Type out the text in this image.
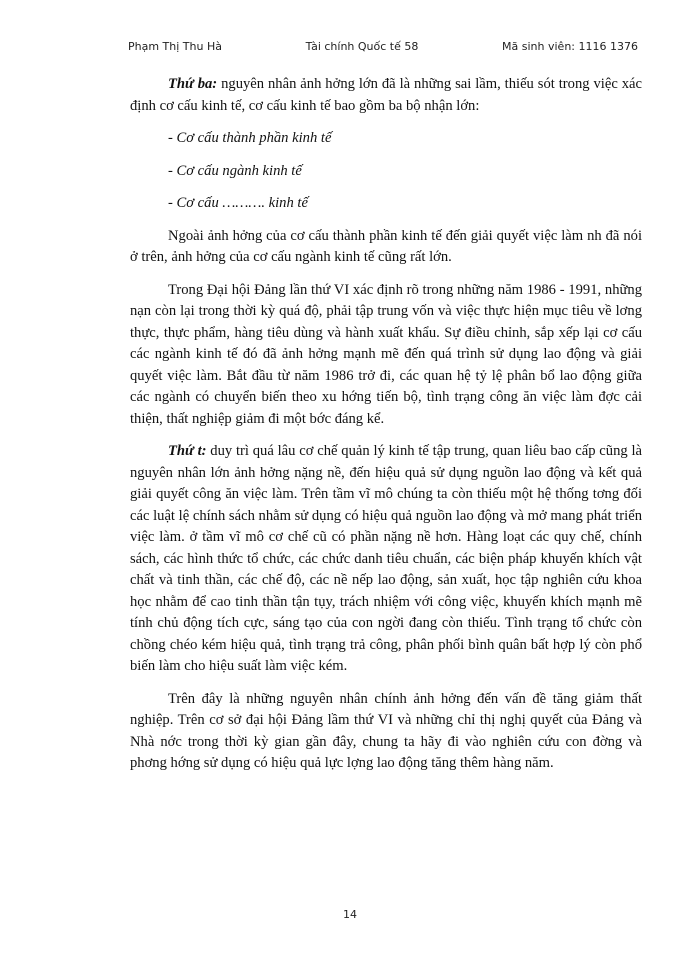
Phạm Thị Thu Hà	Tài chính Quốc tế 58	Mã sinh viên: 1116 1376

Thứ ba: nguyên nhân ảnh hởng lớn đã là những sai lầm, thiếu sót trong việc xác định cơ cấu kinh tế, cơ cấu kinh tế bao gồm ba bộ nhận lớn:

- Cơ cấu thành phần kinh tế

- Cơ cấu ngành kinh tế

- Cơ cấu ………. kinh tế

Ngoài ảnh hởng của cơ cấu thành phần kinh tế đến giải quyết việc làm nh đã nói ở trên, ảnh hởng của cơ cấu ngành kinh tế cũng rất lớn.

Trong Đại hội Đảng lần thứ VI xác định rõ trong những năm 1986 - 1991, những nạn còn lại trong thời kỳ quá độ, phải tập trung vốn và việc thực hiện mục tiêu về lơng thực, thực phẩm, hàng tiêu dùng và hành xuất khẩu. Sự điều chỉnh, sắp xếp lại cơ cấu các ngành kinh tế đó đã ảnh hởng mạnh mẽ đến quá trình sử dụng lao động và giải quyết việc làm. Bắt đầu từ năm 1986 trở đi, các quan hệ tỷ lệ phân bổ lao động giữa các ngành có chuyển biến theo xu hớng tiến bộ, tình trạng công ăn việc làm đợc cải thiện, thất nghiệp giảm đi một bớc đáng kể.

Thứ t: duy trì quá lâu cơ chế quản lý kinh tế tập trung, quan liêu bao cấp cũng là nguyên nhân lớn ảnh hởng nặng nề, đến hiệu quả sử dụng nguồn lao động và kết quả giải quyết công ăn việc làm. Trên tầm vĩ mô chúng ta còn thiếu một hệ thống tơng đối các luật lệ chính sách nhằm sử dụng có hiệu quả nguồn lao động và mở mang phát triển việc làm. ở tầm vĩ mô cơ chế cũ có phần nặng nề hơn. Hàng loạt các quy chế, chính sách, các hình thức tổ chức, các chức danh tiêu chuẩn, các biện pháp khuyến khích vật chất và tinh thần, các chế độ, các nề nếp lao động, sản xuất, học tập nghiên cứu khoa học nhằm để cao tinh thần tận tụy, trách nhiệm với công việc, khuyến khích mạnh mẽ tính chủ động tích cực, sáng tạo của con ngời đang còn thiếu. Tình trạng tổ chức còn chồng chéo kém hiệu quả, tình trạng trả công, phân phối bình quân bất hợp lý còn phổ biến làm cho hiệu suất làm việc kém.

Trên đây là những nguyên nhân chính ảnh hởng đến vấn đề tăng giảm thất nghiệp. Trên cơ sở đại hội Đảng lầm thứ VI và những chỉ thị nghị quyết của Đảng và Nhà nớc trong thời kỳ gian gần đây, chung ta hãy đi vào nghiên cứu con đờng và phơng hớng sử dụng có hiệu quả lực lợng lao động tăng thêm hàng năm.

14
